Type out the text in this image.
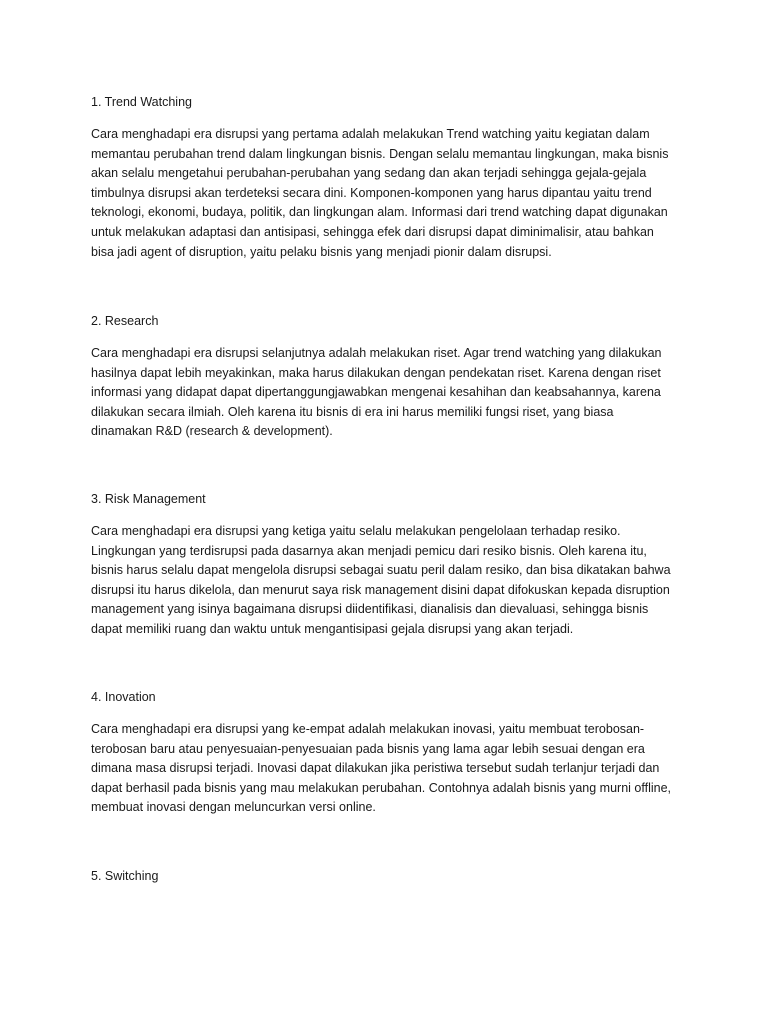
1. Trend Watching

Cara menghadapi era disrupsi yang pertama adalah melakukan Trend watching yaitu kegiatan dalam
memantau perubahan trend dalam lingkungan bisnis. Dengan selalu memantau lingkungan, maka bisnis
akan selalu mengetahui perubahan-perubahan yang sedang dan akan terjadi sehingga gejala-gejala
timbulnya disrupsi akan terdeteksi secara dini. Komponen-komponen yang harus dipantau yaitu trend
teknologi, ekonomi, budaya, politik, dan lingkungan alam. Informasi dari trend watching dapat digunakan
untuk melakukan adaptasi dan antisipasi, sehingga efek dari disrupsi dapat diminimalisir, atau bahkan
bisa jadi agent of disruption, yaitu pelaku bisnis yang menjadi pionir dalam disrupsi.

2. Research

Cara menghadapi era disrupsi selanjutnya adalah melakukan riset. Agar trend watching yang dilakukan
hasilnya dapat lebih meyakinkan, maka harus dilakukan dengan pendekatan riset. Karena dengan riset
informasi yang didapat dapat dipertanggungjawabkan mengenai kesahihan dan keabsahannya, karena
dilakukan secara ilmiah. Oleh karena itu bisnis di era ini harus memiliki fungsi riset, yang biasa
dinamakan R&D (research & development).

3. Risk Management

Cara menghadapi era disrupsi yang ketiga yaitu selalu melakukan pengelolaan terhadap resiko.
Lingkungan yang terdisrupsi pada dasarnya akan menjadi pemicu dari resiko bisnis. Oleh karena itu,
bisnis harus selalu dapat mengelola disrupsi sebagai suatu peril dalam resiko, dan bisa dikatakan bahwa
disrupsi itu harus dikelola, dan menurut saya risk management disini dapat difokuskan kepada disruption
management yang isinya bagaimana disrupsi diidentifikasi, dianalisis dan dievaluasi, sehingga bisnis
dapat memiliki ruang dan waktu untuk mengantisipasi gejala disrupsi yang akan terjadi.

4. Inovation

Cara menghadapi era disrupsi yang ke-empat adalah melakukan inovasi, yaitu membuat terobosan-
terobosan baru atau penyesuaian-penyesuaian pada bisnis yang lama agar lebih sesuai dengan era
dimana masa disrupsi terjadi. Inovasi dapat dilakukan jika peristiwa tersebut sudah terlanjur terjadi dan
dapat berhasil pada bisnis yang mau melakukan perubahan. Contohnya adalah bisnis yang murni offline,
membuat inovasi dengan meluncurkan versi online.

5. Switching
